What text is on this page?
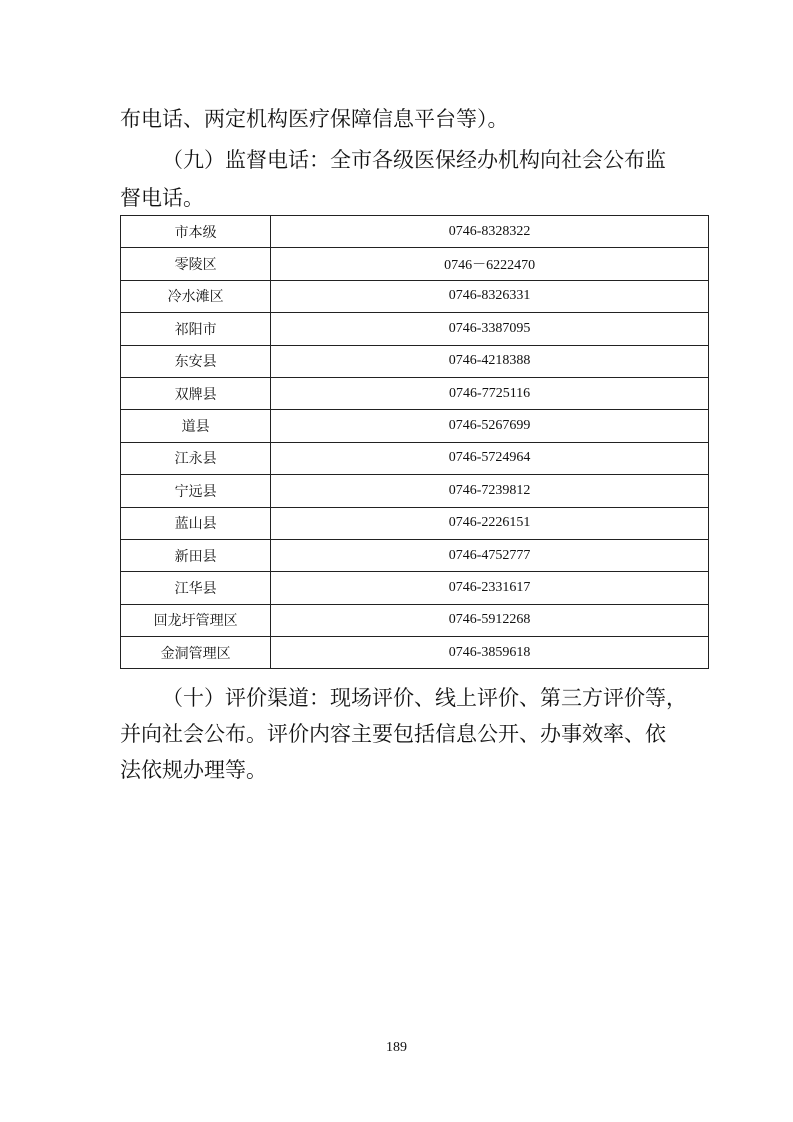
布电话、两定机构医疗保障信息平台等）。

（九）监督电话：全市各级医保经办机构向社会公布监

督电话。

市本级	0746-8328322
零陵区	0746－6222470
冷水滩区	0746-8326331
祁阳市	0746-3387095
东安县	0746-4218388
双牌县	0746-7725116
道县	0746-5267699
江永县	0746-5724964
宁远县	0746-7239812
蓝山县	0746-2226151
新田县	0746-4752777
江华县	0746-2331617
回龙圩管理区	0746-5912268
金洞管理区	0746-3859618

（十）评价渠道：现场评价、线上评价、第三方评价等，

并向社会公布。评价内容主要包括信息公开、办事效率、依

法依规办理等。

189
